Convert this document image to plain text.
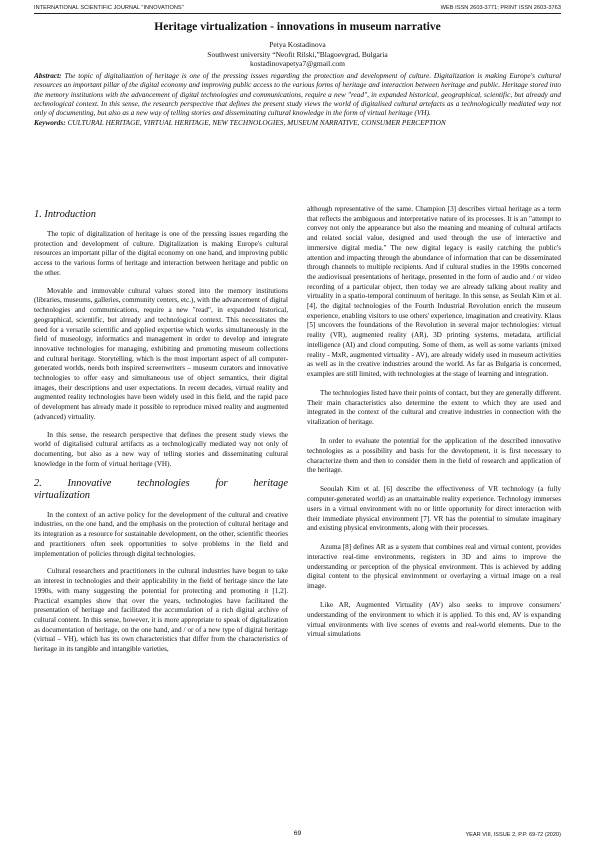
INTERNATIONAL SCIENTIFIC JOURNAL "INNOVATIONS"	WEB ISSN 2603-3771; PRINT ISSN 2603-3763
Heritage virtualization - innovations in museum narrative
Petya Kostadinova
Southwest university “Neofit Rilski,”Blagoevgrad, Bulgaria
kostadinovapetya7@gmail.com

Abstract: The topic of digitalization of heritage is one of the pressing issues regarding the protection and development of culture. Digitalization is making Europe's cultural resources an important pillar of the digital economy and improving public access to the various forms of heritage and interaction between heritage and public. Heritage stored into the memory institutions with the advancement of digital technologies and communications, require a new "read", in expanded historical, geographical, scientific, but already and technological context. In this sense, the research perspective that defines the present study views the world of digitalised cultural artefacts as a technologically mediated way not only of documenting, but also as a new way of telling stories and disseminating cultural knowledge in the form of virtual heritage (VH).

Keywords: CULTURAL HERITAGE, VIRTUAL HERITAGE, NEW TECHNOLOGIES, MUSEUM NARRATIVE, CONSUMER PERCEPTION

1. Introduction

The topic of digitalization of heritage is one of the pressing issues regarding the protection and development of culture. Digitalization is making Europe's cultural resources an important pillar of the digital economy on one hand, and improving public access to the various forms of heritage and interaction between heritage and public on the other.

Movable and immovable cultural values stored into the memory institutions (libraries, museums, galleries, community centers, etc.), with the advancement of digital technologies and communications, require a new "read", in expanded historical, geographical, scientific, but already and technological context. This necessitates the need for a versatile scientific and applied expertise which works simultaneously in the field of museology, informatics and management in order to develop and integrate innovative technologies for managing, exhibiting and promoting museum collections and cultural heritage. Storytelling, which is the most important aspect of all computer-generated worlds, needs both inspired screenwriters – museum curators and innovative technologies to offer easy and simultaneous use of object semantics, their digital images, their descriptions and user expectations. In recent decades, virtual reality and augmented reality technologies have been widely used in this field, and the rapid pace of development has already made it possible to reproduce mixed reality and augmented (advanced) virtuality.

In this sense, the research perspective that defines the present study views the world of digitalised cultural artifacts as a technologically mediated way not only of documenting, but also as a new way of telling stories and disseminating cultural knowledge in the form of virtual heritage (VH).

2.     Innovative     technologies     for     heritage
virtualization

In the context of an active policy for the development of the cultural and creative industries, on the one hand, and the emphasis on the protection of cultural heritage and its integration as a resource for sustainable development, on the other, scientific theories and practitioners often seek opportunities to solve problems in the field and implementation of policies through digital technologies.

Cultural researchers and practitioners in the cultural industries have begun to take an interest in technologies and their applicability in the field of heritage since the late 1990s, with many suggesting the potential for protecting and promoting it [1,2]. Practical examples show that over the years, technologies have facilitated the presentation of heritage and facilitated the accumulation of a rich digital archive of cultural content. In this sense, however, it is more appropriate to speak of digitalization as documentation of heritage, on the one hand, and / or of a new type of digital heritage (virtual – VH), which has its own characteristics that differ from the characteristics of heritage in its tangible and intangible varieties,

although representative of the same. Champion [3] describes virtual heritage as a term that reflects the ambiguous and interpretative nature of its processes. It is an "attempt to convey not only the appearance but also the meaning and meaning of cultural artifacts and related social value, designed and used through the use of interactive and immersive digital media." The new digital legacy is easily catching the public's attention and impacting through the abundance of information that can be disseminated through channels to multiple recipients. And if cultural studies in the 1990s concerned the audiovisual presentations of heritage, presented in the form of audio and / or video recording of a particular object, then today we are already talking about reality and virtuality in a spatio-temporal continuum of heritage. In this sense, as Seulah Kim et al. [4], the digital technologies of the Fourth Industrial Revolution enrich the museum experience, enabling visitors to use others' experience, imagination and creativity. Klaus [5] uncovers the foundations of the Revolution in several major technologies: virtual reality (VR), augmented reality (AR), 3D printing systems, metadata, artificial intelligence (AI) and cloud computing. Some of them, as well as some variants (mixed reality - MxR, augmented virtuality - AV), are already widely used in museum activities as well as in the creative industries around the world. As far as Bulgaria is concerned, examples are still limited, with technologies at the stage of learning and integration.

The technologies listed have their points of contact, but they are generally different. Their main characteristics also determine the extent to which they are used and integrated in the context of the cultural and creative industries in connection with the vitalization of heritage.

In order to evaluate the potential for the application of the described innovative technologies as a possibility and basis for the development, it is first necessary to characterize them and then to consider them in the field of research and application of the heritage.

Seoulah Kim et al. [6] describe the effectiveness of VR technology (a fully computer-generated world) as an unattainable reality experience. Technology immerses users in a virtual environment with no or little opportunity for direct interaction with their immediate physical environment [7]. VR has the potential to simulate imaginary and existing physical environments, along with their processes.

Azuma [8] defines AR as a system that combines real and virtual content, provides interactive real-time environments, registers in 3D and aims to improve the understanding or perception of the physical environment. This is achieved by adding digital content to the physical environment or overlaying a virtual image on a real image.

Like AR, Augmented Virtuality (AV) also seeks to improve consumers' understanding of the environment to which it is applied. To this end, AV is expanding virtual environments with live scenes of events and real-world elements. Due to the virtual simulations

69	YEAR VIII, ISSUE 2, P.P. 69-72 (2020)
